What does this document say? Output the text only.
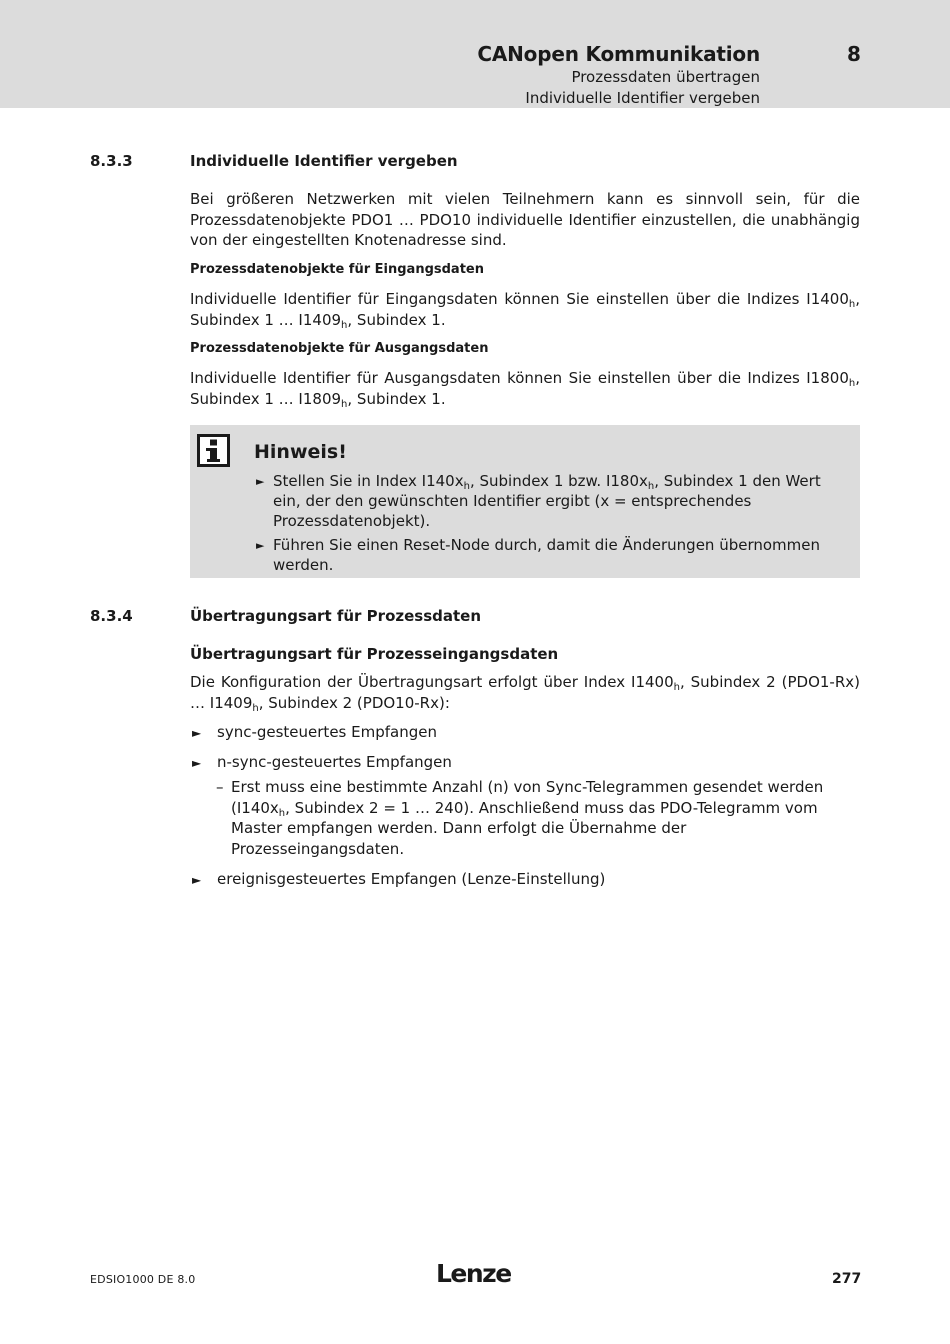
CANopen Kommunikation	8
Prozessdaten übertragen
Individuelle Identifier vergeben
8.3.3	Individuelle Identifier vergeben
Bei größeren Netzwerken mit vielen Teilnehmern kann es sinnvoll sein, für die Prozessdatenobjekte PDO1 … PDO10 individuelle Identifier einzustellen, die unabhängig von der eingestellten Knotenadresse sind.
Prozessdatenobjekte für Eingangsdaten
Individuelle Identifier für Eingangsdaten können Sie einstellen über die Indizes $I1400_h$, Subindex 1 … $I1409_h$, Subindex 1.
Prozessdatenobjekte für Ausgangsdaten
Individuelle Identifier für Ausgangsdaten können Sie einstellen über die Indizes $I1800_h$, Subindex 1 … $I1809_h$, Subindex 1.
Hinweis!
► Stellen Sie in Index $I140x_h$, Subindex 1 bzw. $I180x_h$, Subindex 1 den Wert ein, der den gewünschten Identifier ergibt (x = entsprechendes Prozessdatenobjekt).
► Führen Sie einen Reset-Node durch, damit die Änderungen übernommen werden.
8.3.4	Übertragungsart für Prozessdaten
Übertragungsart für Prozesseingangsdaten
Die Konfiguration der Übertragungsart erfolgt über Index $I1400_h$, Subindex 2 (PDO1-Rx) … $I1409_h$, Subindex 2 (PDO10-Rx):
► sync-gesteuertes Empfangen
► n-sync-gesteuertes Empfangen
– Erst muss eine bestimmte Anzahl (n) von Sync-Telegrammen gesendet werden ($I140x_h$, Subindex 2 = 1 … 240). Anschließend muss das PDO-Telegramm vom Master empfangen werden. Dann erfolgt die Übernahme der Prozesseingangsdaten.
► ereignisgesteuertes Empfangen (Lenze-Einstellung)
EDSIO1000 DE 8.0	Lenze	277
